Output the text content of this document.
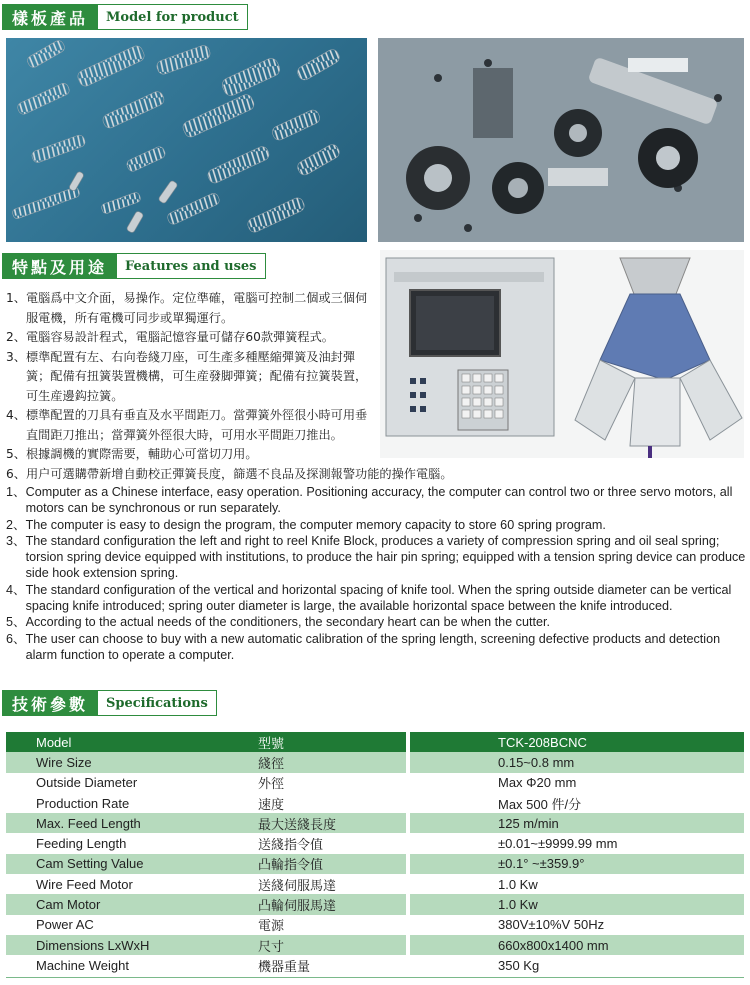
樣板產品	Model for product
特點及用途	Features and uses
1、 電腦爲中文介面，易操作。定位準確，電腦可控制二個或三個伺服電機，所有電機可同步或單獨運行。
2、 電腦容易設計程式，電腦記憶容量可儲存60款彈簧程式。
3、 標準配置有左、右向卷綫刀座，可生產多種壓縮彈簧及油封彈簧；配備有扭簧裝置機構，可生産發脚彈簧；配備有拉簧裝置，可生産邊鈎拉簧。
4、 標準配置的刀具有垂直及水平間距刀。當彈簧外徑很小時可用垂直間距刀推出；當彈簧外徑很大時，可用水平間距刀推出。
5、 根據調機的實際需要，輔助心可當切刀用。
6、 用户可選購帶新增自動校正彈簧長度，篩選不良品及探測報警功能的操作電腦。
1、 Computer as a Chinese interface, easy operation. Positioning accuracy, the computer can control two or three servo motors, all motors can be synchronous or run separately.
2、 The computer is easy to design the program, the computer memory capacity to store 60 spring program.
3、 The standard configuration the left and right to reel Knife Block, produces a variety of compression spring and oil seal spring; torsion spring device equipped with institutions, to produce the hair pin spring; equipped with a tension spring device can produce side hook extension spring.
4、 The standard configuration of the vertical and horizontal spacing of knife tool. When the spring outside diameter can be vertical spacing knife introduced; spring outer diameter is large, the available horizontal space between the knife introduced.
5、 According to the actual needs of the conditioners, the secondary heart can be when the cutter.
6、 The user can choose to buy with a new automatic calibration of the spring length, screening defective products and detection alarm function to operate a computer.
技術參數	Specifications
Model	型號	TCK-208BCNC
Wire Size	綫徑	0.15~0.8 mm
Outside Diameter	外徑	Max Φ20 mm
Production Rate	速度	Max 500 件/分
Max. Feed Length	最大送綫長度	125 m/min
Feeding Length	送綫指令值	±0.01~±9999.99 mm
Cam Setting Value	凸輪指令值	±0.1° ~±359.9°
Wire Feed Motor	送綫伺服馬達	1.0 Kw
Cam Motor	凸輪伺服馬達	1.0 Kw
Power AC	電源	380V±10%V 50Hz
Dimensions LxWxH	尺寸	660x800x1400 mm
Machine Weight	機器重量	350 Kg
